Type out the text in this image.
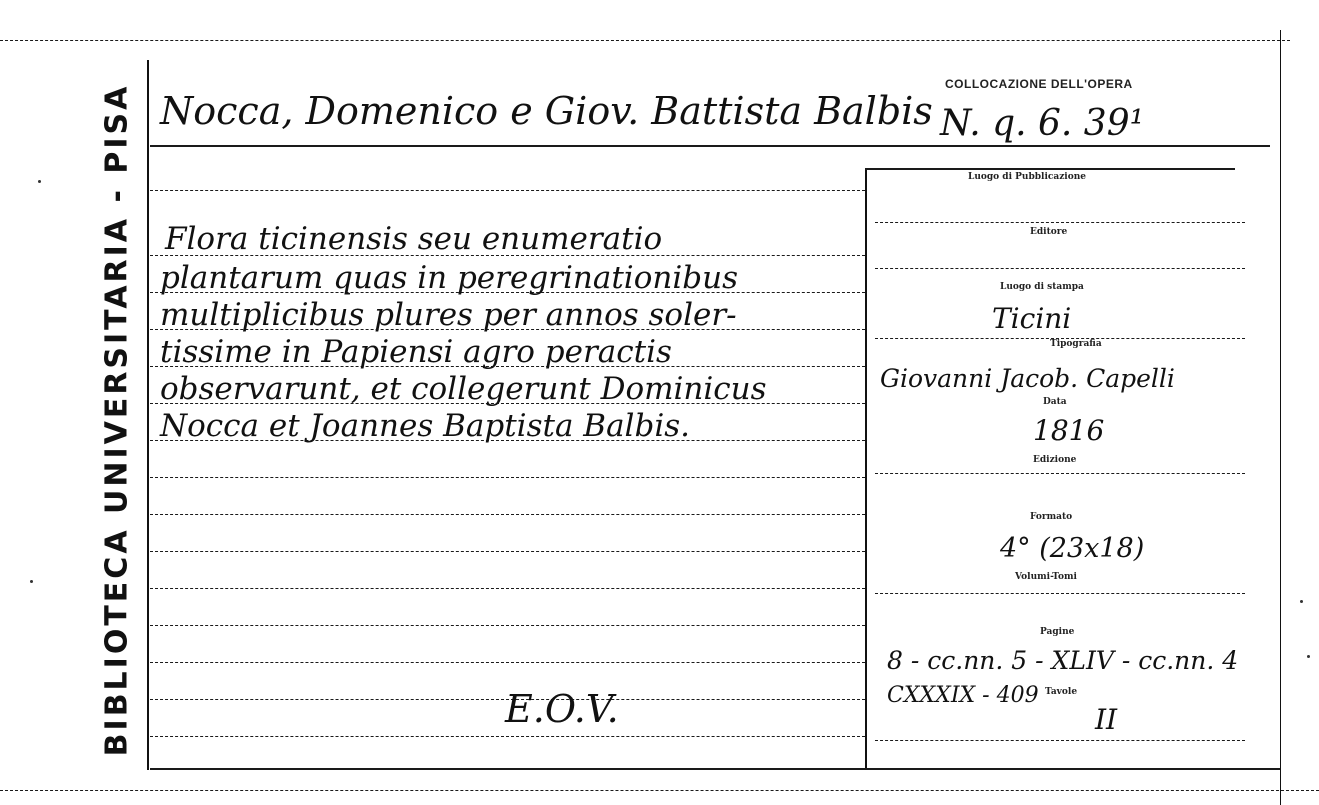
BIBLIOTECA UNIVERSITARIA - PISA Nocca, Domenico e Giov. Battista Balbis
COLLOCAZIONE DELL'OPERA
N. q. 6. 39¹
Flora ticinensis seu enumeratio
plantarum quas in peregrinationibus
multiplicibus plures per annos soler-
tissime in Papiensi agro peractis
observarunt, et collegerunt Dominicus
Nocca et Joannes Baptista Balbis.
E.O.V.
Luogo di Pubblicazione
Editore
Luogo di stampa
Ticini
Tipografia
Giovanni Jacob. Capelli
Data
1816
Edizione
Formato
4° (23x18)
Volumi-Tomi
Pagine
8 - cc.nn. 5 - XLIV - cc.nn. 4
CXXXIX - 409 Tavole
II
